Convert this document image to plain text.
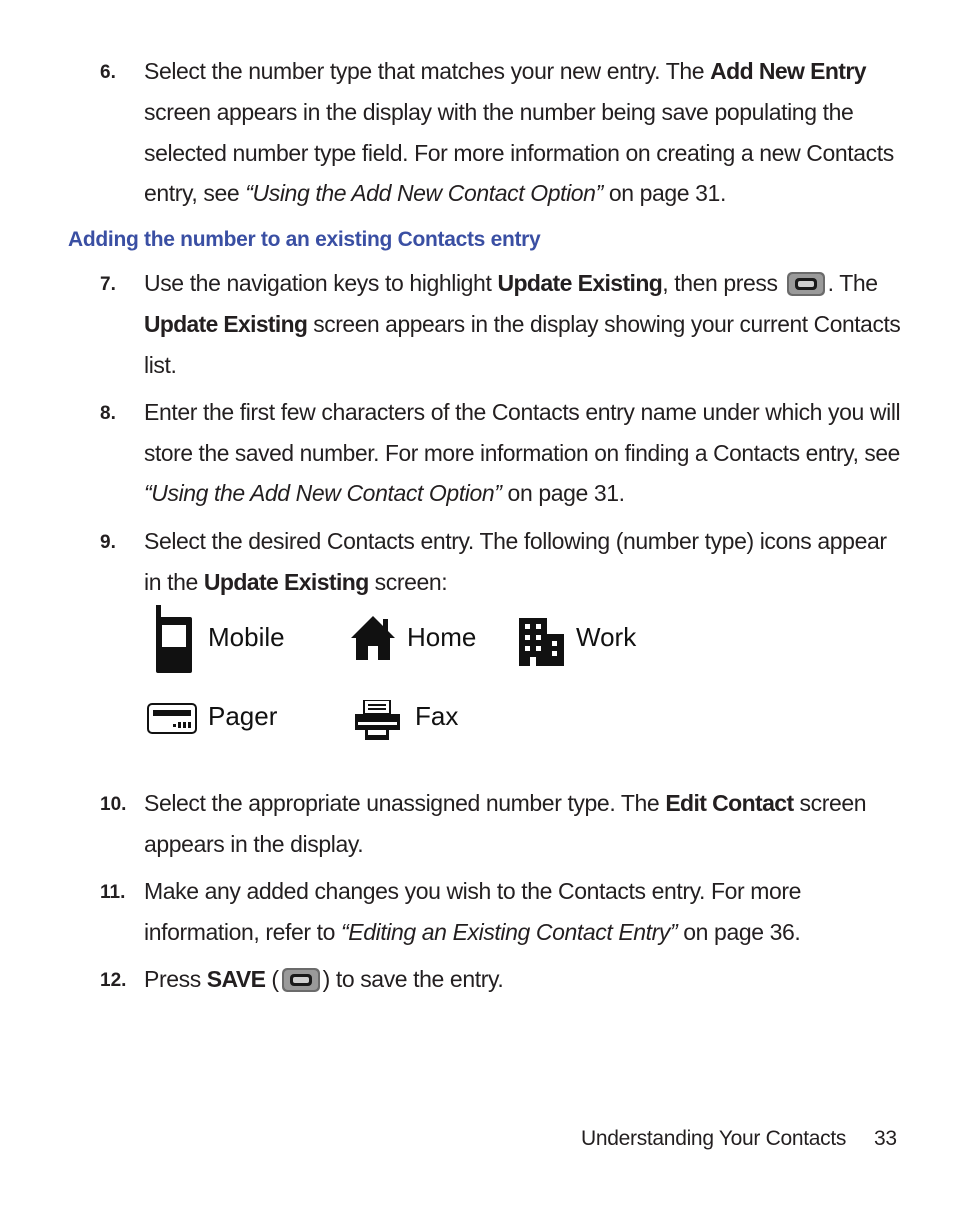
6. Select the number type that matches your new entry. The Add New Entry
screen appears in the display with the number being save populating the
selected number type field. For more information on creating a new Contacts
entry, see “Using the Add New Contact Option” on page 31.
Adding the number to an existing Contacts entry
7. Use the navigation keys to highlight Update Existing, then press . The
Update Existing screen appears in the display showing your current Contacts
list.
8. Enter the first few characters of the Contacts entry name under which you will
store the saved number. For more information on finding a Contacts entry, see
“Using the Add New Contact Option” on page 31.
9. Select the desired Contacts entry. The following (number type) icons appear
in the Update Existing screen:
Mobile	Home	Work
Pager	Fax
10. Select the appropriate unassigned number type. The Edit Contact screen
appears in the display.
11. Make any added changes you wish to the Contacts entry. For more
information, refer to “Editing an Existing Contact Entry” on page 36.
12. Press SAVE ( ) to save the entry.
Understanding Your Contacts 33
